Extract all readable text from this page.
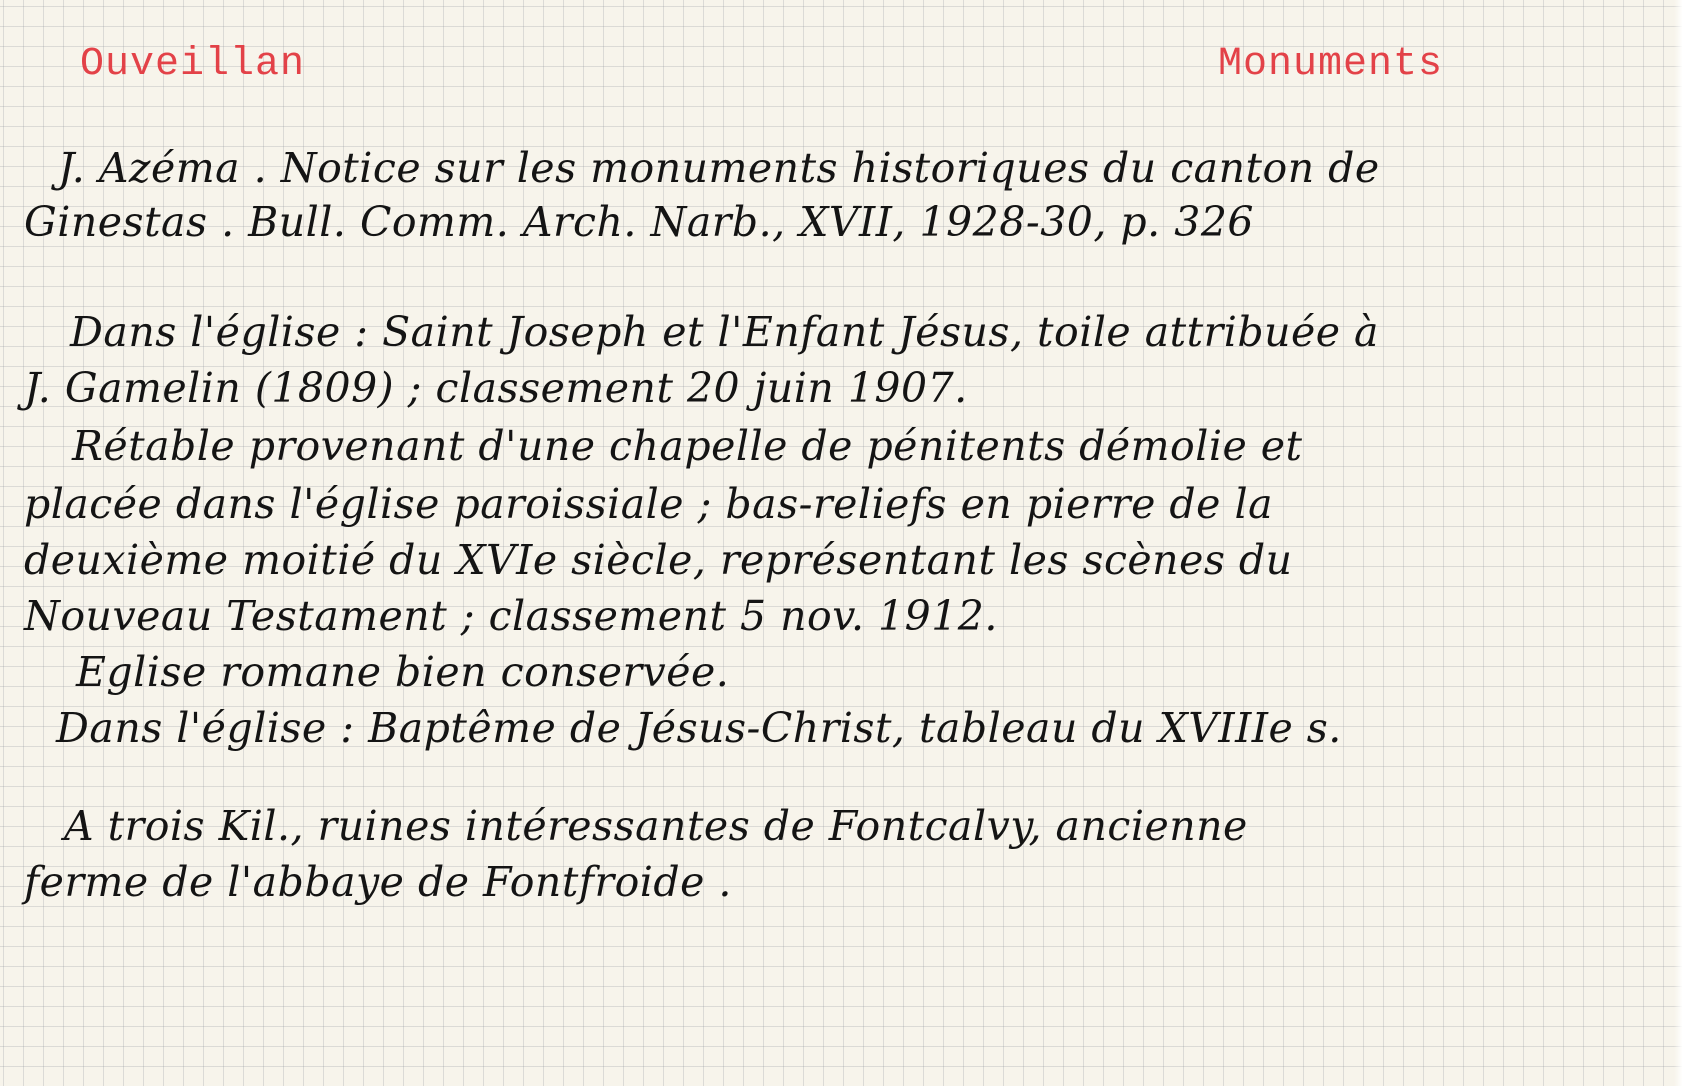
Ouveillan	Monuments
J. Azéma . Notice sur les monuments historiques du canton de
Ginestas . Bull. Comm. Arch. Narb., XVII, 1928-30, p. 326
Dans l'église : Saint Joseph et l'Enfant Jésus, toile attribuée à
J. Gamelin (1809) ; classement 20 juin 1907.
Rétable provenant d'une chapelle de pénitents démolie et
placée dans l'église paroissiale ; bas-reliefs en pierre de la
deuxième moitié du XVIe siècle, représentant les scènes du
Nouveau Testament ; classement 5 nov. 1912.
Eglise romane bien conservée.
Dans l'église : Baptême de Jésus-Christ, tableau du XVIIIe s.
A trois Kil., ruines intéressantes de Fontcalvy, ancienne
ferme de l'abbaye de Fontfroide .
